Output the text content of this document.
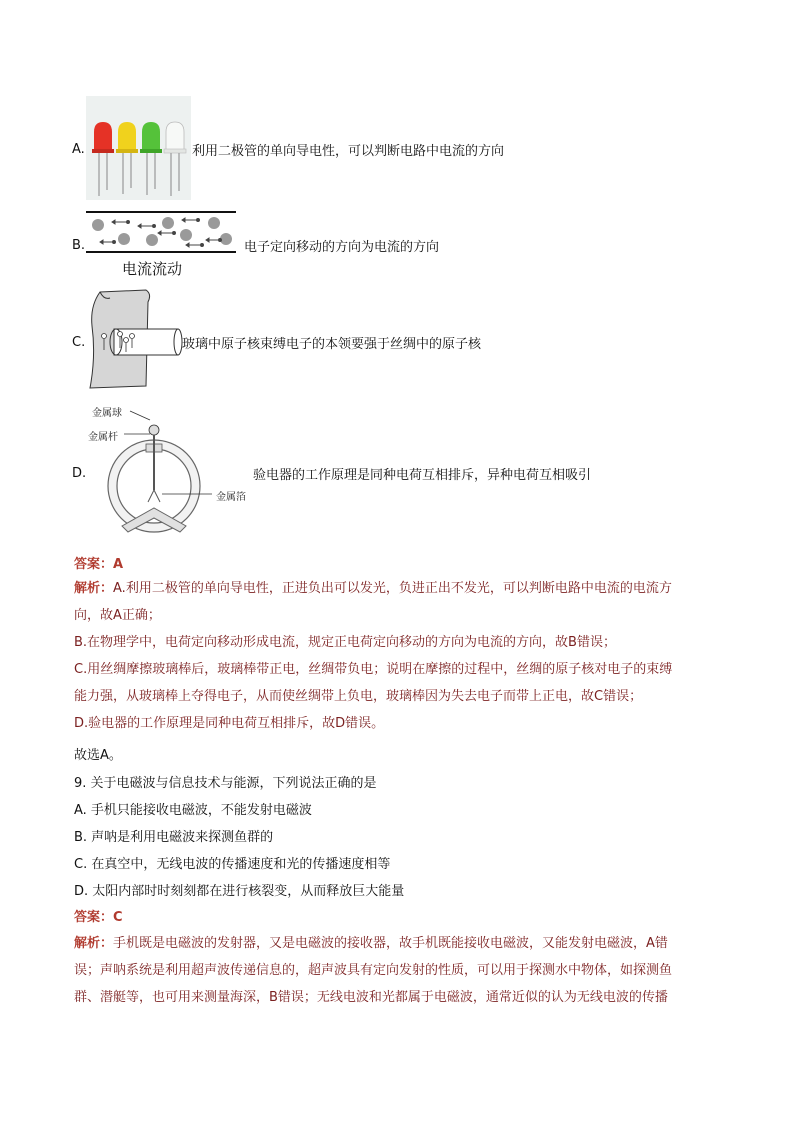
A.	利用二极管的单向导电性，可以判断电路中电流的方向
B.
电流流动
电子定向移动的方向为电流的方向
C.	玻璃中原子核束缚电子的本领要强于丝绸中的原子核
D.
金属球
金属杆
金属箔
验电器的工作原理是同种电荷互相排斥，异种电荷互相吸引
答案：A
解析：A.利用二极管的单向导电性，正进负出可以发光，负进正出不发光，可以判断电路中电流的电流方
向，故A正确；
B.在物理学中，电荷定向移动形成电流，规定正电荷定向移动的方向为电流的方向，故B错误；
C.用丝绸摩擦玻璃棒后，玻璃棒带正电，丝绸带负电；说明在摩擦的过程中，丝绸的原子核对电子的束缚
能力强，从玻璃棒上夺得电子，从而使丝绸带上负电，玻璃棒因为失去电子而带上正电，故C错误；
D.验电器的工作原理是同种电荷互相排斥，故D错误。
故选A。
9. 关于电磁波与信息技术与能源，下列说法正确的是
A. 手机只能接收电磁波，不能发射电磁波
B. 声呐是利用电磁波来探测鱼群的
C. 在真空中，无线电波的传播速度和光的传播速度相等
D. 太阳内部时时刻刻都在进行核裂变，从而释放巨大能量
答案：C
解析：手机既是电磁波的发射器，又是电磁波的接收器，故手机既能接收电磁波，又能发射电磁波，A错
误；声呐系统是利用超声波传递信息的，超声波具有定向发射的性质，可以用于探测水中物体，如探测鱼
群、潜艇等，也可用来测量海深，B错误；无线电波和光都属于电磁波，通常近似的认为无线电波的传播
